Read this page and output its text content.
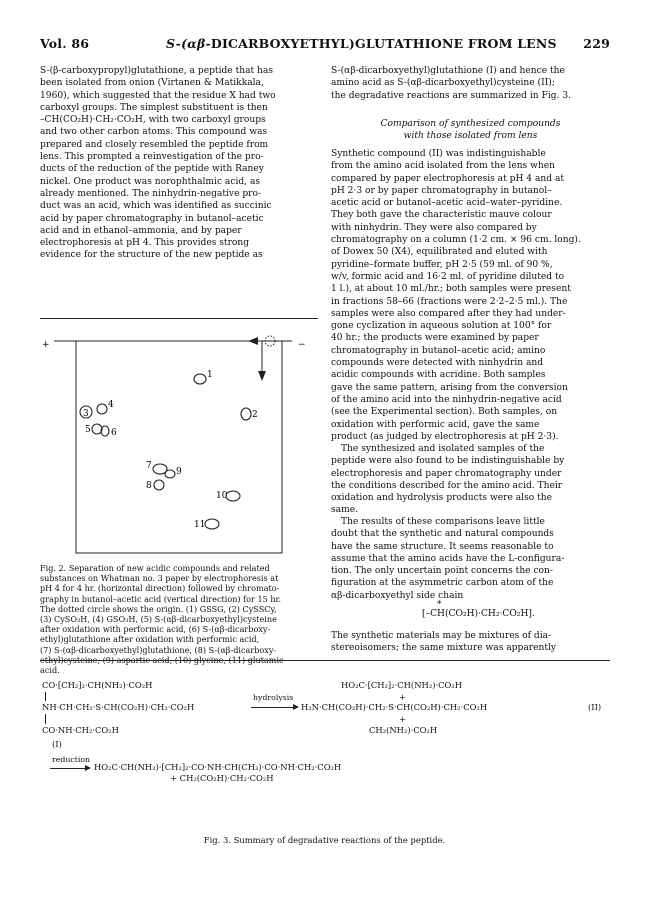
Vol. 86	S-(αβ-DICARBOXYETHYL)GLUTATHIONE FROM LENS 229
S-(β-carboxypropyl)glutathione, a peptide that has
been isolated from onion (Virtanen & Matikkala,
1960), which suggested that the residue X had two
carboxyl groups. The simplest substituent is then
–CH(CO₂H)·CH₂·CO₂H, with two carboxyl groups
and two other carbon atoms. This compound was
prepared and closely resembled the peptide from
lens. This prompted a reinvestigation of the pro-
ducts of the reduction of the peptide with Raney
nickel. One product was norophthalmic acid, as
already mentioned. The ninhydrin-negative pro-
duct was an acid, which was identified as succinic
acid by paper chromatography in butanol–acetic
acid and in ethanol–ammonia, and by paper
electrophoresis at pH 4. This provides strong
evidence for the structure of the new peptide as
+	−
1
2
3
4
5 6
7
9
8
10
11
Fig. 2. Separation of new acidic compounds and related
substances on Whatman no. 3 paper by electrophoresis at
pH 4 for 4 hr. (horizontal direction) followed by chromato-
graphy in butanol–acetic acid (vertical direction) for 15 hr.
The dotted circle shows the origin. (1) GSSG, (2) CySSCy,
(3) CySO₃H, (4) GSO₃H, (5) S-(αβ-dicarboxyethyl)cysteine
after oxidation with performic acid, (6) S-(αβ-dicarboxy-
ethyl)glutathione after oxidation with performic acid,
(7) S-(αβ-dicarboxyethyl)glutathione, (8) S-(αβ-dicarboxy-
ethyl)cysteine, (9) aspartic acid, (10) glycine, (11) glutamic
acid.
S-(αβ-dicarboxyethyl)glutathione (I) and hence the
amino acid as S-(αβ-dicarboxyethyl)cysteine (II);
the degradative reactions are summarized in Fig. 3.
Comparison of synthesized compounds
with those isolated from lens
Synthetic compound (II) was indistinguishable
from the amino acid isolated from the lens when
compared by paper electrophoresis at pH 4 and at
pH 2·3 or by paper chromatography in butanol–
acetic acid or butanol–acetic acid–water–pyridine.
They both gave the characteristic mauve colour
with ninhydrin. They were also compared by
chromatography on a column (1·2 cm. × 96 cm. long).
of Dowex 50 (X4), equilibrated and eluted with
pyridine–formate buffer, pH 2·5 (59 ml. of 90 %,
w/v, formic acid and 16·2 ml. of pyridine diluted to
1 l.), at about 10 ml./hr.; both samples were present
in fractions 58–66 (fractions were 2·2–2·5 ml.). The
samples were also compared after they had under-
gone cyclization in aqueous solution at 100° for
40 hr.; the products were examined by paper
chromatography in butanol–acetic acid; amino
compounds were detected with ninhydrin and
acidic compounds with acridine. Both samples
gave the same pattern, arising from the conversion
of the amino acid into the ninhydrin-negative acid
(see the Experimental section). Both samples, on
oxidation with performic acid, gave the same
product (as judged by electrophoresis at pH 2·3).
The synthesized and isolated samples of the
peptide were also found to be indistinguishable by
electrophoresis and paper chromatography under
the conditions described for the amino acid. Their
oxidation and hydrolysis products were also the
same.
The results of these comparisons leave little
doubt that the synthetic and natural compounds
have the same structure. It seems reasonable to
assume that the amino acids have the L-configura-
tion. The only uncertain point concerns the con-
figuration at the asymmetric carbon atom of the
αβ-dicarboxyethyl side chain
*
[–CH(CO₂H)·CH₂·CO₂H].
The synthetic materials may be mixtures of dia-
stereoisomers; the same mixture was apparently
CO·[CH₂]₂·CH(NH₂)·CO₂H
NH·CH·CH₂·S·CH(CO₂H)·CH₂·CO₂H
CO·NH·CH₂·CO₂H
(I)
hydrolysis
HO₂C·[CH₂]₂·CH(NH₂)·CO₂H
+
H₂N·CH(CO₂H)·CH₂·S·CH(CO₂H)·CH₂·CO₂H	(II)
+
CH₂(NH₂)·CO₂H
reduction
HO₂C·CH(NH₂)·[CH₂]₂·CO·NH·CH(CH₃)·CO·NH·CH₂·CO₂H
+ CH₂(CO₂H)·CH₂·CO₂H
Fig. 3. Summary of degradative reactions of the peptide.
